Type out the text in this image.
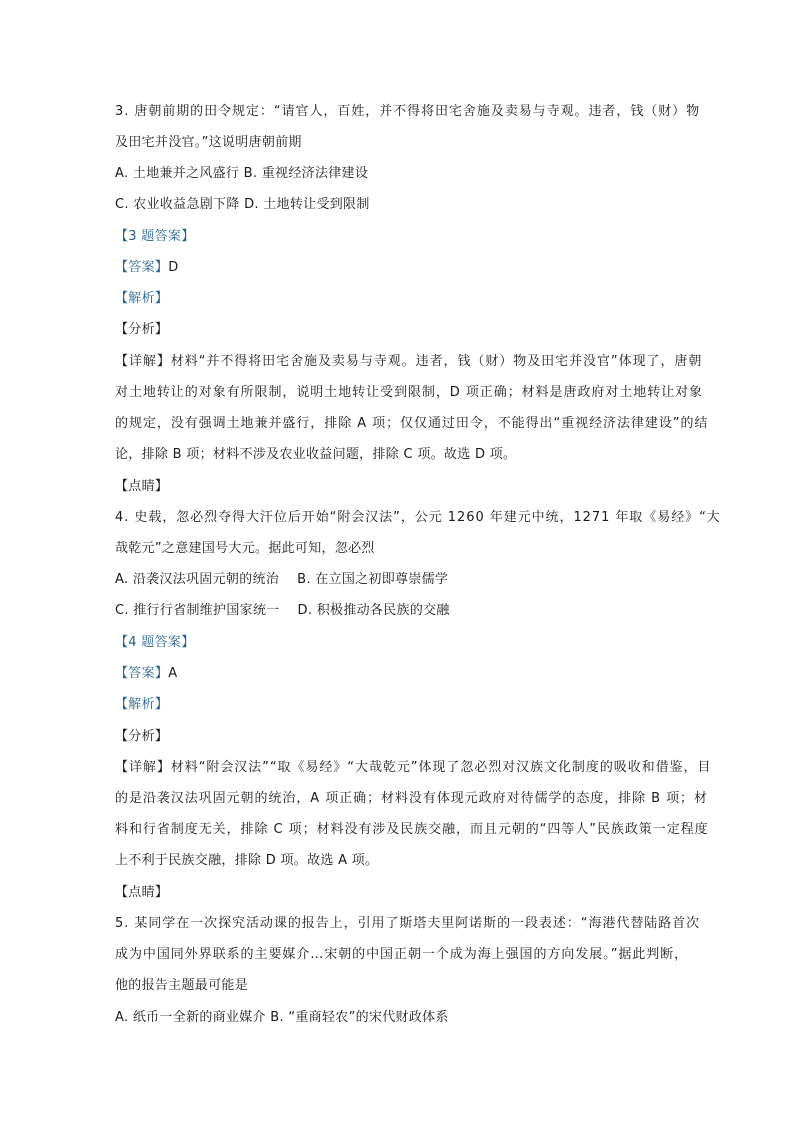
3. 唐朝前期的田令规定：“请官人，百姓，并不得将田宅舍施及卖易与寺观。违者，钱（财）物
及田宅并没官。”这说明唐朝前期
A. 土地兼并之风盛行 B. 重视经济法律建设
C. 农业收益急剧下降 D. 土地转让受到限制
【3 题答案】
【答案】D
【解析】
【分析】
【详解】材料“并不得将田宅舍施及卖易与寺观。违者，钱（财）物及田宅并没官”体现了，唐朝
对土地转让的对象有所限制，说明土地转让受到限制，D 项正确；材料是唐政府对土地转让对象
的规定，没有强调土地兼并盛行，排除 A 项；仅仅通过田令，不能得出“重视经济法律建设”的结
论，排除 B 项；材料不涉及农业收益问题，排除 C 项。故选 D 项。
【点睛】
4. 史载，忽必烈夺得大汗位后开始“附会汉法”，公元 1260 年建元中统，1271 年取《易经》“大
哉乾元”之意建国号大元。据此可知，忽必烈
A. 沿袭汉法巩固元朝的统治 B. 在立国之初即尊崇儒学
C. 推行行省制维护国家统一 D. 积极推动各民族的交融
【4 题答案】
【答案】A
【解析】
【分析】
【详解】材料“附会汉法”“取《易经》“大哉乾元”体现了忽必烈对汉族文化制度的吸收和借鉴，目
的是沿袭汉法巩固元朝的统治，A 项正确；材料没有体现元政府对待儒学的态度，排除 B 项；材
料和行省制度无关，排除 C 项；材料没有涉及民族交融，而且元朝的“四等人”民族政策一定程度
上不利于民族交融，排除 D 项。故选 A 项。
【点睛】
5. 某同学在一次探究活动课的报告上，引用了斯塔夫里阿诺斯的一段表述：“海港代替陆路首次
成为中国同外界联系的主要媒介…宋朝的中国正朝一个成为海上强国的方向发展。”据此判断，
他的报告主题最可能是
A. 纸币一全新的商业媒介 B. “重商轻农”的宋代财政体系
